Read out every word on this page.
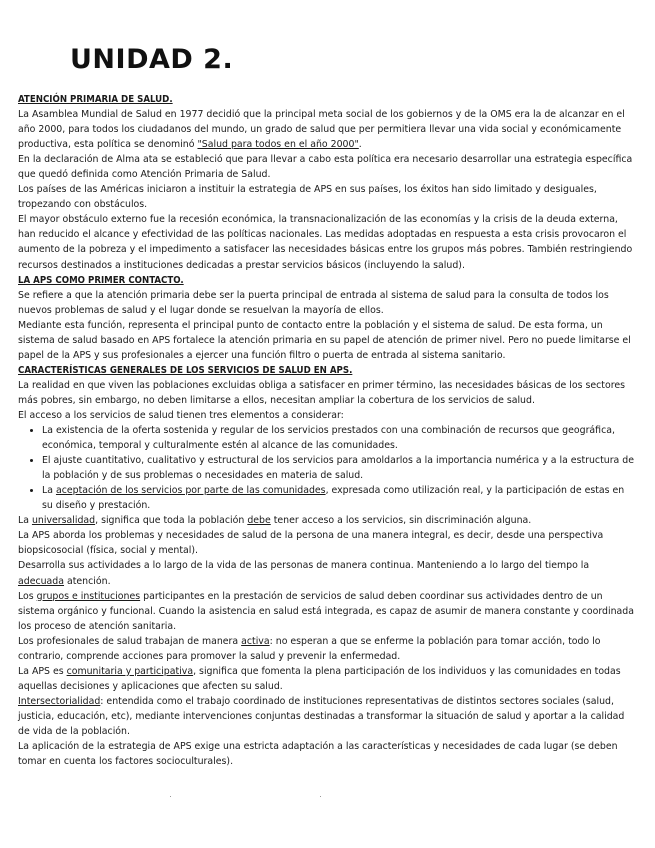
UNIDAD 2.
ATENCIÓN PRIMARIA DE SALUD.

La Asamblea Mundial de Salud en 1977 decidió que la principal meta social de los gobiernos y de la OMS era la de alcanzar en el año 2000, para todos los ciudadanos del mundo, un grado de salud que per permitiera llevar una vida social y económicamente productiva, esta política se denominó "Salud para todos en el año 2000".

En la declaración de Alma ata se estableció que para llevar a cabo esta política era necesario desarrollar una estrategia específica que quedó definida como Atención Primaria de Salud.

Los países de las Américas iniciaron a instituir la estrategia de APS en sus países, los éxitos han sido limitado y desiguales, tropezando con obstáculos.

El mayor obstáculo externo fue la recesión económica, la transnacionalización de las economías y la crisis de la deuda externa, han reducido el alcance y efectividad de las políticas nacionales. Las medidas adoptadas en respuesta a esta crisis provocaron el aumento de la pobreza y el impedimento a satisfacer las necesidades básicas entre los grupos más pobres. También restringiendo recursos destinados a instituciones dedicadas a prestar servicios básicos (incluyendo la salud).

LA APS COMO PRIMER CONTACTO.

Se refiere a que la atención primaria debe ser la puerta principal de entrada al sistema de salud para la consulta de todos los nuevos problemas de salud y el lugar donde se resuelvan la mayoría de ellos.

Mediante esta función, representa el principal punto de contacto entre la población y el sistema de salud. De esta forma, un sistema de salud basado en APS fortalece la atención primaria en su papel de atención de primer nivel. Pero no puede limitarse el papel de la APS y sus profesionales a ejercer una función filtro o puerta de entrada al sistema sanitario.

CARACTERÍSTICAS GENERALES DE LOS SERVICIOS DE SALUD EN APS.

La realidad en que viven las poblaciones excluidas obliga a satisfacer en primer término, las necesidades básicas de los sectores más pobres, sin embargo, no deben limitarse a ellos, necesitan ampliar la cobertura de los servicios de salud.

El acceso a los servicios de salud tienen tres elementos a considerar:

• La existencia de la oferta sostenida y regular de los servicios prestados con una combinación de recursos que geográfica, económica, temporal y culturalmente estén al alcance de las comunidades.
• El ajuste cuantitativo, cualitativo y estructural de los servicios para amoldarlos a la importancia numérica y a la estructura de la población y de sus problemas o necesidades en materia de salud.
• La aceptación de los servicios por parte de las comunidades, expresada como utilización real, y la participación de estas en su diseño y prestación.

La universalidad, significa que toda la población debe tener acceso a los servicios, sin discriminación alguna.

La APS aborda los problemas y necesidades de salud de la persona de una manera integral, es decir, desde una perspectiva biopsicosocial (física, social y mental).

Desarrolla sus actividades a lo largo de la vida de las personas de manera continua. Manteniendo a lo largo del tiempo la adecuada atención.

Los grupos e instituciones participantes en la prestación de servicios de salud deben coordinar sus actividades dentro de un sistema orgánico y funcional. Cuando la asistencia en salud está integrada, es capaz de asumir de manera constante y coordinada los proceso de atención sanitaria.

Los profesionales de salud trabajan de manera activa: no esperan a que se enferme la población para tomar acción, todo lo contrario, comprende acciones para promover la salud y prevenir la enfermedad.

La APS es comunitaria y participativa, significa que fomenta la plena participación de los individuos y las comunidades en todas aquellas decisiones y aplicaciones que afecten su salud.

Intersectorialidad: entendida como el trabajo coordinado de instituciones representativas de distintos sectores sociales (salud, justicia, educación, etc), mediante intervenciones conjuntas destinadas a transformar la situación de salud y aportar a la calidad de vida de la población.

La aplicación de la estrategia de APS exige una estricta adaptación a las características y necesidades de cada lugar (se deben tomar en cuenta los factores socioculturales).
